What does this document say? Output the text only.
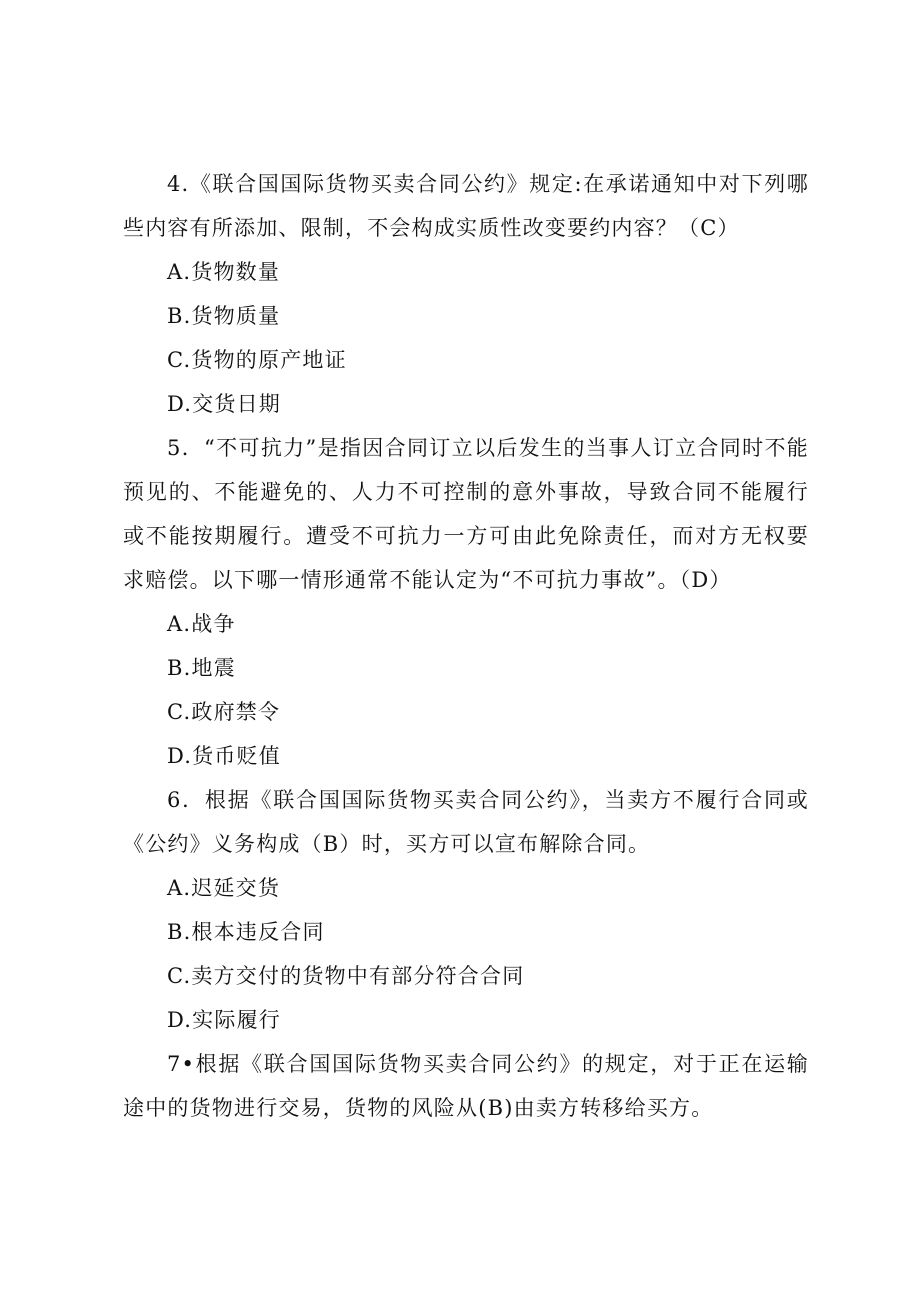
4.《联合国国际货物买卖合同公约》规定:在承诺通知中对下列哪些内容有所添加、限制，不会构成实质性改变要约内容？（C）

A.货物数量

B.货物质量

C.货物的原产地证

D.交货日期

5．“不可抗力”是指因合同订立以后发生的当事人订立合同时不能预见的、不能避免的、人力不可控制的意外事故，导致合同不能履行或不能按期履行。遭受不可抗力一方可由此免除责任，而对方无权要求赔偿。以下哪一情形通常不能认定为“不可抗力事故”。（D）

A.战争

B.地震

C.政府禁令

D.货币贬值

6．根据《联合国国际货物买卖合同公约》，当卖方不履行合同或《公约》义务构成（B）时，买方可以宣布解除合同。

A.迟延交货

B.根本违反合同

C.卖方交付的货物中有部分符合合同

D.实际履行

7•根据《联合国国际货物买卖合同公约》的规定，对于正在运输途中的货物进行交易，货物的风险从(B)由卖方转移给买方。
